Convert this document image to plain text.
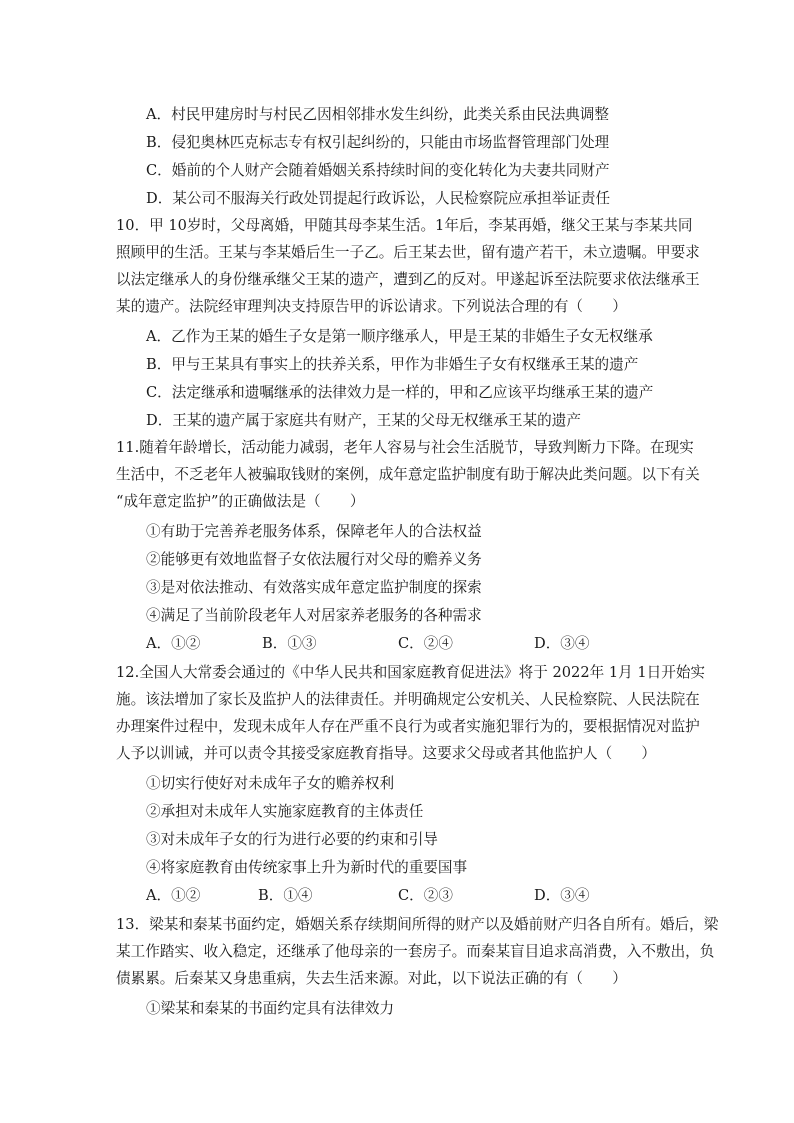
A．村民甲建房时与村民乙因相邻排水发生纠纷，此类关系由民法典调整
B．侵犯奥林匹克标志专有权引起纠纷的，只能由市场监督管理部门处理
C．婚前的个人财产会随着婚姻关系持续时间的变化转化为夫妻共同财产
D．某公司不服海关行政处罚提起行政诉讼，人民检察院应承担举证责任
10．甲 10岁时，父母离婚，甲随其母李某生活。1年后，李某再婚，继父王某与李某共同
照顾甲的生活。王某与李某婚后生一子乙。后王某去世，留有遗产若干，未立遗嘱。甲要求
以法定继承人的身份继承继父王某的遗产，遭到乙的反对。甲遂起诉至法院要求依法继承王
某的遗产。法院经审理判决支持原告甲的诉讼请求。下列说法合理的有（　　）
A．乙作为王某的婚生子女是第一顺序继承人，甲是王某的非婚生子女无权继承
B．甲与王某具有事实上的扶养关系，甲作为非婚生子女有权继承王某的遗产
C．法定继承和遗嘱继承的法律效力是一样的，甲和乙应该平均继承王某的遗产
D．王某的遗产属于家庭共有财产，王某的父母无权继承王某的遗产
11.随着年龄增长，活动能力减弱，老年人容易与社会生活脱节，导致判断力下降。在现实
生活中，不乏老年人被骗取钱财的案例，成年意定监护制度有助于解决此类问题。以下有关
“成年意定监护”的正确做法是（　　）
①有助于完善养老服务体系，保障老年人的合法权益
②能够更有效地监督子女依法履行对父母的赡养义务
③是对依法推动、有效落实成年意定监护制度的探索
④满足了当前阶段老年人对居家养老服务的各种需求
A．①②	B．①③	C．②④	D．③④
12.全国人大常委会通过的《中华人民共和国家庭教育促进法》将于 2022年 1月 1日开始实
施。该法增加了家长及监护人的法律责任。并明确规定公安机关、人民检察院、人民法院在
办理案件过程中，发现未成年人存在严重不良行为或者实施犯罪行为的，要根据情况对监护
人予以训诫，并可以责令其接受家庭教育指导。这要求父母或者其他监护人（　　）
①切实行使好对未成年子女的赡养权利
②承担对未成年人实施家庭教育的主体责任
③对未成年子女的行为进行必要的约束和引导
④将家庭教育由传统家事上升为新时代的重要国事
A．①②	B．①④	C．②③	D．③④
13．梁某和秦某书面约定，婚姻关系存续期间所得的财产以及婚前财产归各自所有。婚后，梁
某工作踏实、收入稳定，还继承了他母亲的一套房子。而秦某盲目追求高消费，入不敷出，负
债累累。后秦某又身患重病，失去生活来源。对此，以下说法正确的有（　　）
①梁某和秦某的书面约定具有法律效力
